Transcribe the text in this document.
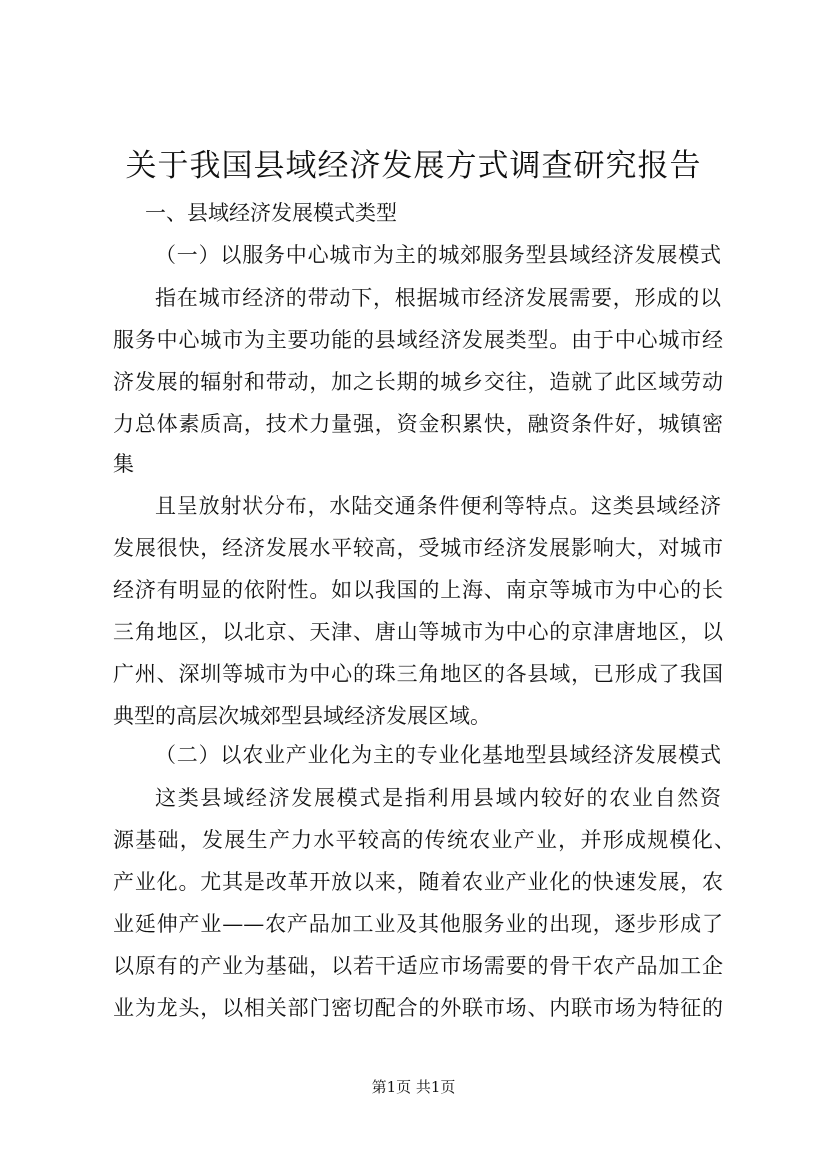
关于我国县域经济发展方式调查研究报告
一、县域经济发展模式类型
（一）以服务中心城市为主的城郊服务型县域经济发展模式
指在城市经济的带动下，根据城市经济发展需要，形成的以
服务中心城市为主要功能的县域经济发展类型。由于中心城市经
济发展的辐射和带动，加之长期的城乡交往，造就了此区域劳动
力总体素质高，技术力量强，资金积累快，融资条件好，城镇密
集
且呈放射状分布，水陆交通条件便利等特点。这类县域经济
发展很快，经济发展水平较高，受城市经济发展影响大，对城市
经济有明显的依附性。如以我国的上海、南京等城市为中心的长
三角地区，以北京、天津、唐山等城市为中心的京津唐地区，以
广州、深圳等城市为中心的珠三角地区的各县域，已形成了我国
典型的高层次城郊型县域经济发展区域。
（二）以农业产业化为主的专业化基地型县域经济发展模式
这类县域经济发展模式是指利用县域内较好的农业自然资
源基础，发展生产力水平较高的传统农业产业，并形成规模化、
产业化。尤其是改革开放以来，随着农业产业化的快速发展，农
业延伸产业——农产品加工业及其他服务业的出现，逐步形成了
以原有的产业为基础，以若干适应市场需要的骨干农产品加工企
业为龙头，以相关部门密切配合的外联市场、内联市场为特征的
第1页 共1页
